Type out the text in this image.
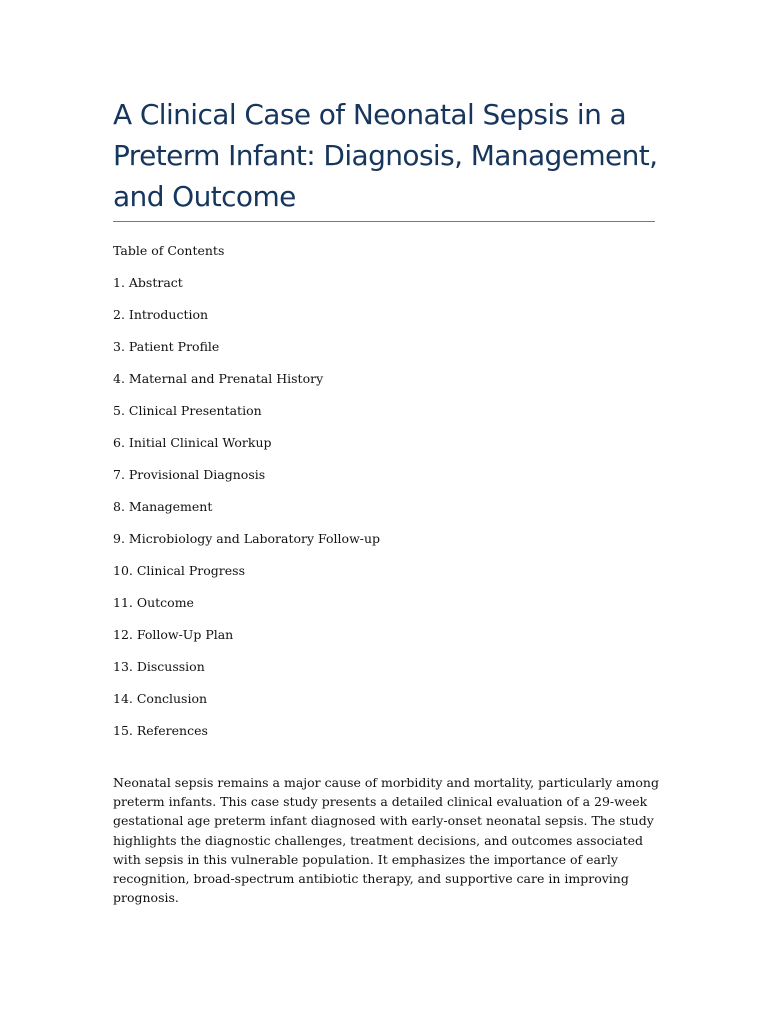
A Clinical Case of Neonatal Sepsis in a Preterm Infant: Diagnosis, Management, and Outcome
Table of Contents
1. Abstract
2. Introduction
3. Patient Profile
4. Maternal and Prenatal History
5. Clinical Presentation
6. Initial Clinical Workup
7. Provisional Diagnosis
8. Management
9. Microbiology and Laboratory Follow-up
10. Clinical Progress
11. Outcome
12. Follow-Up Plan
13. Discussion
14. Conclusion
15. References

Neonatal sepsis remains a major cause of morbidity and mortality, particularly among preterm infants. This case study presents a detailed clinical evaluation of a 29-week gestational age preterm infant diagnosed with early-onset neonatal sepsis. The study highlights the diagnostic challenges, treatment decisions, and outcomes associated with sepsis in this vulnerable population. It emphasizes the importance of early recognition, broad-spectrum antibiotic therapy, and supportive care in improving prognosis.
